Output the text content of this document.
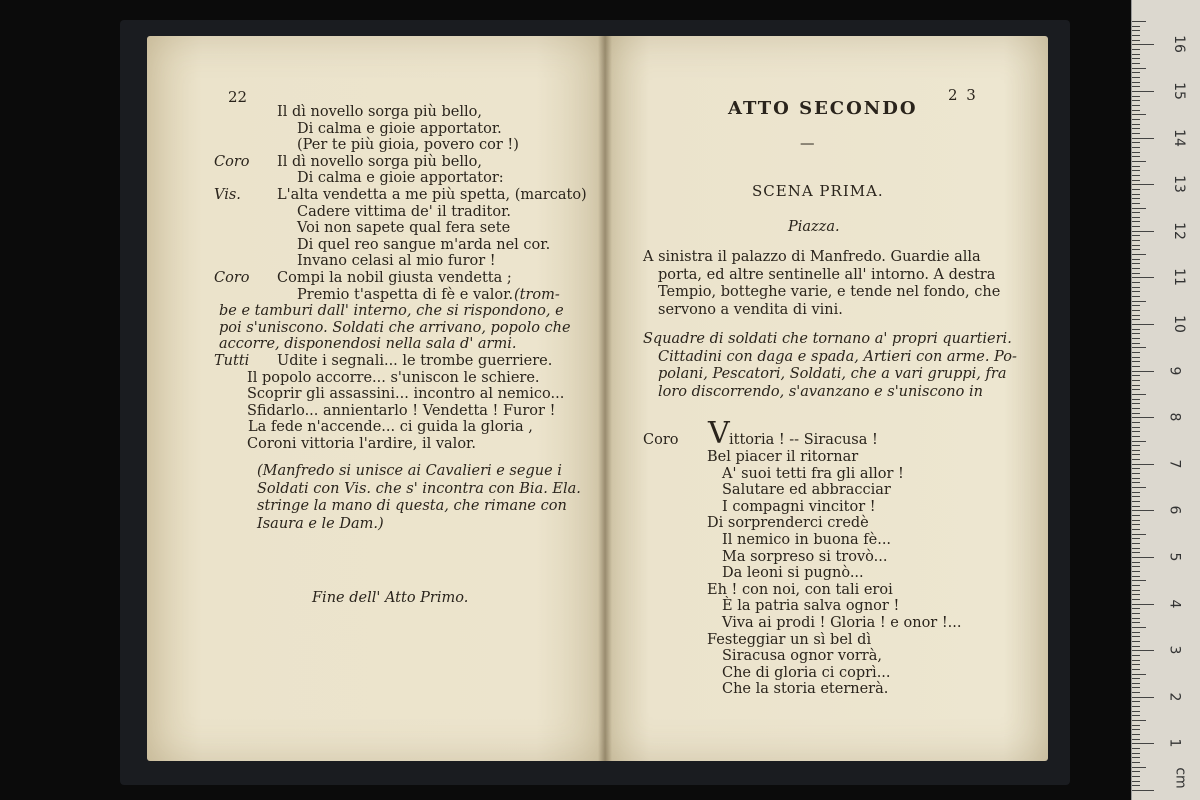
22
Il dì novello sorga più bello,
Di calma e gioie apportator.
(Per te più gioia, povero cor !)
Coro Il dì novello sorga più bello,
Di calma e gioie apportator:
Vis. L'alta vendetta a me più spetta, (marcato)
Cadere vittima de' il traditor.
Voi non sapete qual fera sete
Di quel reo sangue m'arda nel cor.
Invano celasi al mio furor !
Coro Compi la nobil giusta vendetta ;
Premio t'aspetta di fè e valor. (trom-
be e tamburi dall' interno, che si rispondono, e
poi s'uniscono. Soldati che arrivano, popolo che
accorre, disponendosi nella sala d' armi.
Tutti Udite i segnali... le trombe guerriere.
Il popolo accorre... s'uniscon le schiere.
Scoprir gli assassini... incontro al nemico...
Sfidarlo... annientarlo ! Vendetta ! Furor !
La fede n'accende... ci guida la gloria ,
Coroni vittoria l'ardire, il valor.
(Manfredo si unisce ai Cavalieri e segue i
Soldati con Vis. che s' incontra con Bia. Ela.
stringe la mano di questa, che rimane con
Isaura e le Dam.)
Fine dell' Atto Primo.
2 3
ATTO SECONDO
—
SCENA PRIMA.
Piazza.
Coro V ittoria ! -- Siracusa !
A sinistra il palazzo di Manfredo. Guardie alla
porta, ed altre sentinelle all' intorno. A destra
Tempio, botteghe varie, e tende nel fondo, che
servono a vendita di vini.
Squadre di soldati che tornano a' propri quartieri.
Cittadini con daga e spada, Artieri con arme. Po-
polani, Pescatori, Soldati, che a vari gruppi, fra
loro discorrendo, s'avanzano e s'uniscono in
Bel piacer il ritornar
A' suoi tetti fra gli allor !
Salutare ed abbracciar
I compagni vincitor !
Di sorprenderci credè
Il nemico in buona fè...
Ma sorpreso si trovò...
Da leoni si pugnò...
Eh ! con noi, con tali eroi
È la patria salva ognor !
Viva ai prodi ! Gloria ! e onor !...
Festeggiar un sì bel dì
Siracusa ognor vorrà,
Che di gloria ci coprì...
Che la storia eternerà.
16
15
14
13
12
11
10
9
8
7
6
5
4
3
2
1
cm
